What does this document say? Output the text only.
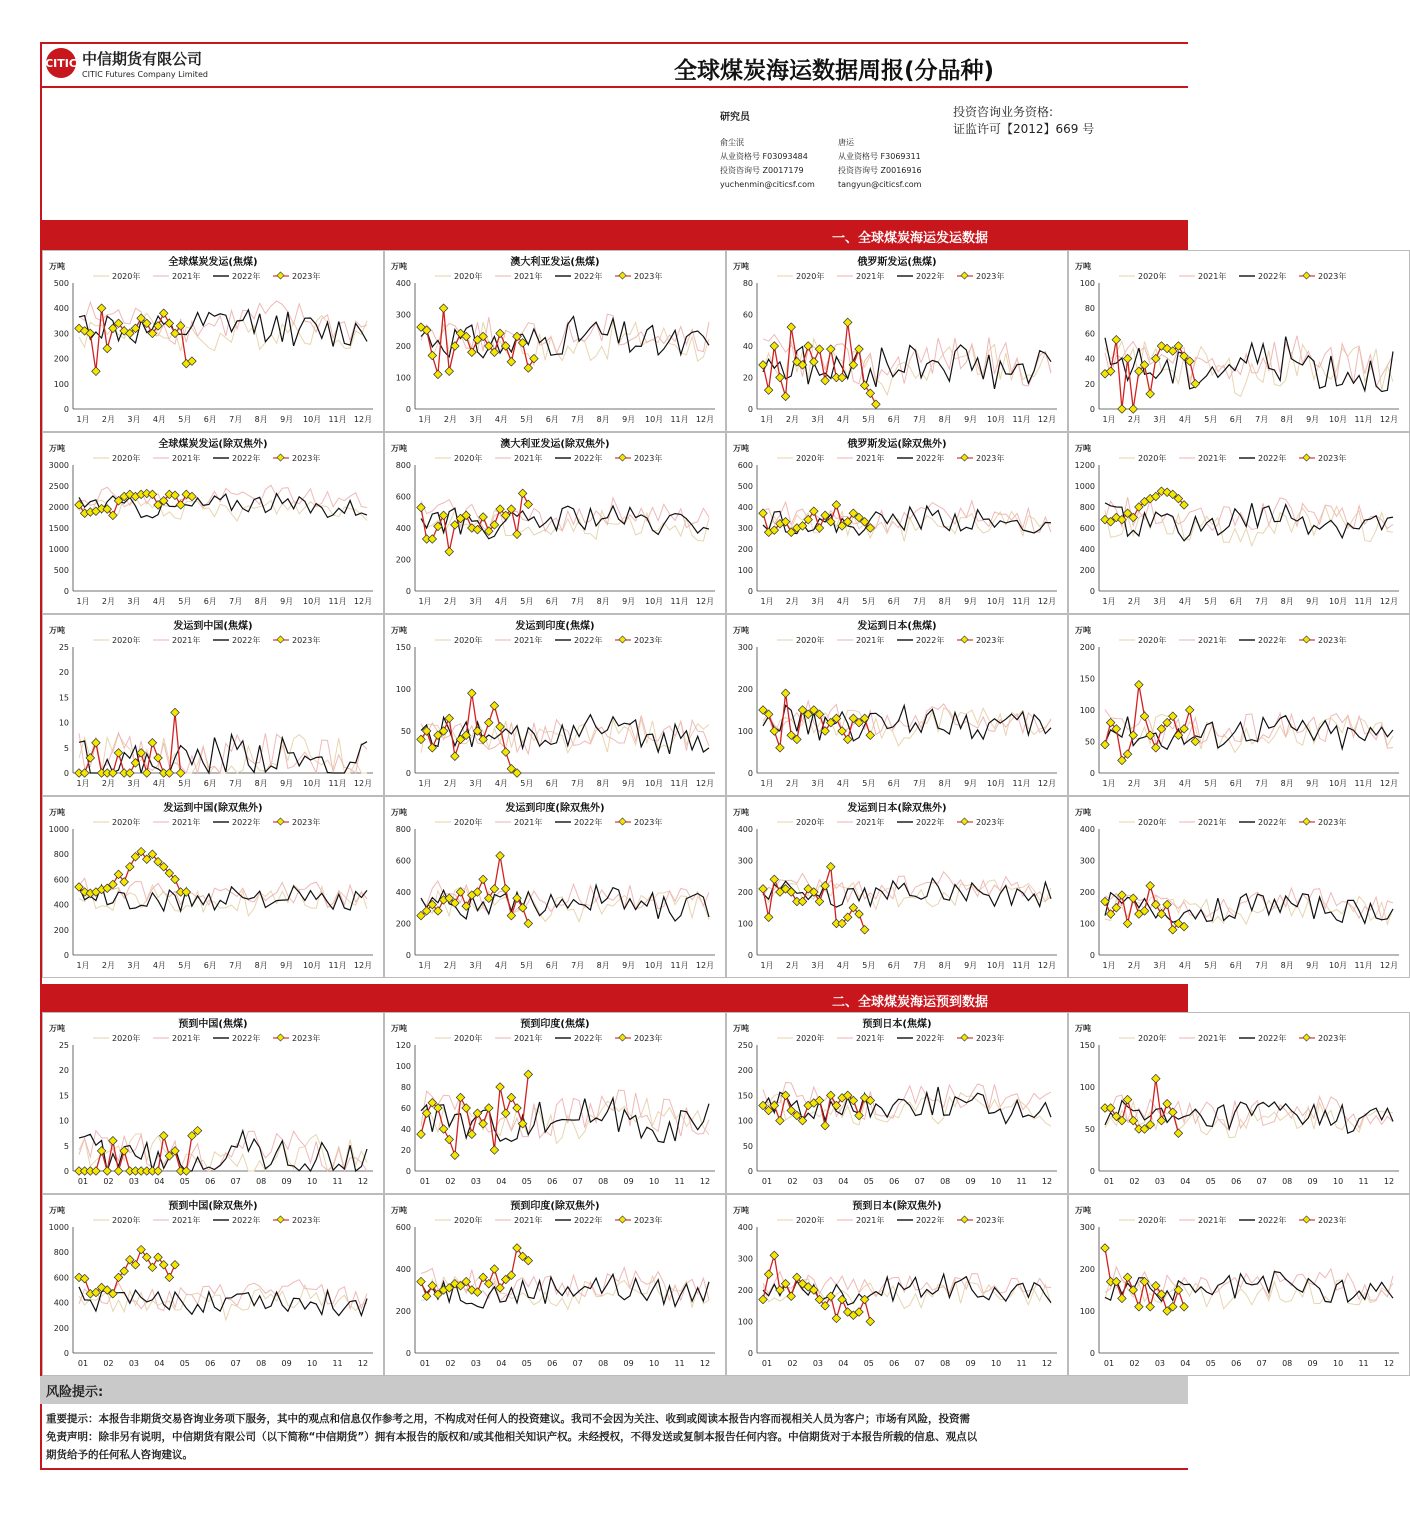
CITIC 中信期货有限公司
CITIC Futures Company Limited	全球煤炭海运数据周报(分品种)
研究员
俞尘泯
从业资格号 F03093484
投资咨询号 Z0017179
yuchenmin@citicsf.com
唐运
从业资格号 F3069311
投资咨询号 Z0016916
tangyun@citicsf.com
投资咨询业务资格:
证监许可【2012】669 号
一、全球煤炭海运发运数据
二、全球煤炭海运预到数据
全球煤炭发运(焦煤)
万吨
2020年	2021年	2022年	2023年
0
100
200
300
400
500
1月 2月 3月 4月 5月 6月 7月 8月 9月 10月 11月 12月
澳大利亚发运(焦煤)
万吨
2020年	2021年	2022年	2023年
0
100
200
300
400
1月 2月 3月 4月 5月 6月 7月 8月 9月 10月 11月 12月
俄罗斯发运(焦煤)
万吨
2020年	2021年	2022年	2023年
0
20
40
60
80
1月 2月 3月 4月 5月 6月 7月 8月 9月 10月 11月 12月
万吨
2020年	2021年	2022年	2023年
0
20
40
60
80
100
1月 2月 3月 4月 5月 6月 7月 8月 9月 10月 11月 12月
全球煤炭发运(除双焦外)
万吨
2020年	2021年	2022年	2023年
0
500
1000
1500
2000
2500
3000
1月 2月 3月 4月 5月 6月 7月 8月 9月 10月 11月 12月
澳大利亚发运(除双焦外)
万吨
2020年	2021年	2022年	2023年
0
200
400
600
800
1月 2月 3月 4月 5月 6月 7月 8月 9月 10月 11月 12月
俄罗斯发运(除双焦外)
万吨
2020年	2021年	2022年	2023年
0
100
200
300
400
500
600
1月 2月 3月 4月 5月 6月 7月 8月 9月 10月 11月 12月
万吨
2020年	2021年	2022年	2023年
0
200
400
600
800
1000
1200
1月 2月 3月 4月 5月 6月 7月 8月 9月 10月 11月 12月
发运到中国(焦煤)
万吨
2020年	2021年	2022年	2023年
0
5
10
15
20
25
1月 2月 3月 4月 5月 6月 7月 8月 9月 10月 11月 12月
发运到印度(焦煤)
万吨
2020年	2021年	2022年	2023年
0
50
100
150
1月 2月 3月 4月 5月 6月 7月 8月 9月 10月 11月 12月
发运到日本(焦煤)
万吨
2020年	2021年	2022年	2023年
0
100
200
300
1月 2月 3月 4月 5月 6月 7月 8月 9月 10月 11月 12月
万吨
2020年	2021年	2022年	2023年
0
50
100
150
200
1月 2月 3月 4月 5月 6月 7月 8月 9月 10月 11月 12月
发运到中国(除双焦外)
万吨
2020年	2021年	2022年	2023年
0
200
400
600
800
1000
1月 2月 3月 4月 5月 6月 7月 8月 9月 10月 11月 12月
发运到印度(除双焦外)
万吨
2020年	2021年	2022年	2023年
0
200
400
600
800
1月 2月 3月 4月 5月 6月 7月 8月 9月 10月 11月 12月
发运到日本(除双焦外)
万吨
2020年	2021年	2022年	2023年
0
100
200
300
400
1月 2月 3月 4月 5月 6月 7月 8月 9月 10月 11月 12月
万吨
2020年	2021年	2022年	2023年
0
100
200
300
400
1月 2月 3月 4月 5月 6月 7月 8月 9月 10月 11月 12月
预到中国(焦煤)
万吨
2020年	2021年	2022年	2023年
0
5
10
15
20
25
01 02 03 04 05 06 07 08 09 10 11 12
预到印度(焦煤)
万吨
2020年	2021年	2022年	2023年
0
20
40
60
80
100
120
01 02 03 04 05 06 07 08 09 10 11 12
预到日本(焦煤)
万吨
2020年	2021年	2022年	2023年
0
50
100
150
200
250
01 02 03 04 05 06 07 08 09 10 11 12
万吨
2020年	2021年	2022年	2023年
0
50
100
150
01 02 03 04 05 06 07 08 09 10 11 12
预到中国(除双焦外)
万吨
2020年	2021年	2022年	2023年
0
200
400
600
800
1000
01 02 03 04 05 06 07 08 09 10 11 12
预到印度(除双焦外)
万吨
2020年	2021年	2022年	2023年
0
200
400
600
01 02 03 04 05 06 07 08 09 10 11 12
预到日本(除双焦外)
万吨
2020年	2021年	2022年	2023年
0
100
200
300
400
01 02 03 04 05 06 07 08 09 10 11 12
万吨
2020年	2021年	2022年	2023年
0
100
200
300
01 02 03 04 05 06 07 08 09 10 11 12
风险提示:
重要提示：本报告非期货交易咨询业务项下服务，其中的观点和信息仅作参考之用，不构成对任何人的投资建议。我司不会因为关注、收到或阅读本报告内容而视相关人员为客户；市场有风险，投资需
免责声明：除非另有说明，中信期货有限公司（以下简称“中信期货”）拥有本报告的版权和/或其他相关知识产权。未经授权，不得发送或复制本报告任何内容。中信期货对于本报告所载的信息、观点以
期货给予的任何私人咨询建议。
